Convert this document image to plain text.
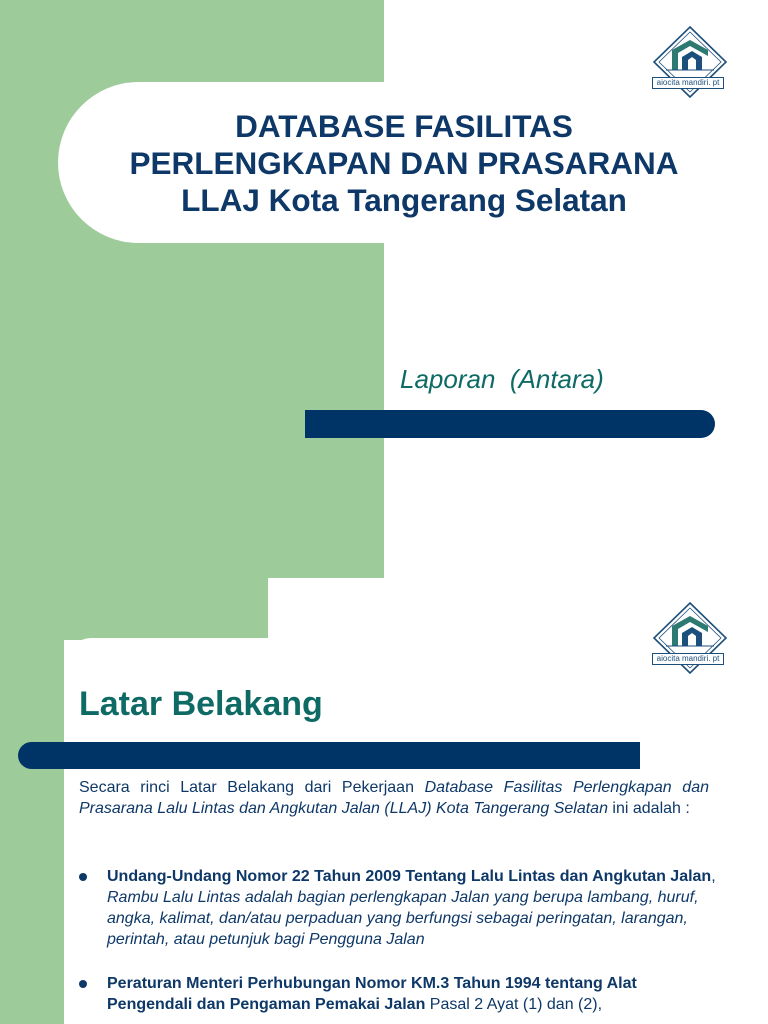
DATABASE FASILITAS
PERLENGKAPAN DAN PRASARANA
LLAJ Kota Tangerang Selatan

Laporan  (Antara)

aiocita mandiri. pt
aiocita mandiri. pt
Latar Belakang

Secara rinci Latar Belakang dari Pekerjaan Database Fasilitas Perlengkapan dan Prasarana Lalu Lintas dan Angkutan Jalan (LLAJ) Kota Tangerang Selatan ini adalah :

Undang-Undang Nomor 22 Tahun 2009 Tentang Lalu Lintas dan Angkutan Jalan, Rambu Lalu Lintas adalah bagian perlengkapan Jalan yang berupa lambang, huruf, angka, kalimat, dan/atau perpaduan yang berfungsi sebagai peringatan, larangan, perintah, atau petunjuk bagi Pengguna Jalan
Peraturan Menteri Perhubungan Nomor KM.3 Tahun 1994 tentang Alat Pengendali dan Pengaman Pemakai Jalan Pasal 2 Ayat (1) dan (2),
